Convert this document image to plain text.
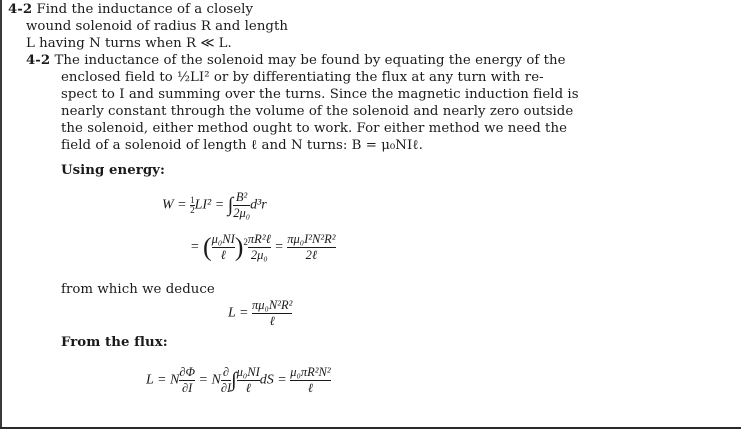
4-2 Find the inductance of a closely
wound solenoid of radius R and length
L having N turns when R ≪ L.
4-2 The inductance of the solenoid may be found by equating the energy of the
enclosed field to ½LI² or by differentiating the flux at any turn with re-
spect to I and summing over the turns. Since the magnetic induction field is
nearly constant through the volume of the solenoid and nearly zero outside
the solenoid, either method ought to work. For either method we need the
field of a solenoid of length ℓ and N turns: B = μ₀NIℓ.
Using energy:
$W = \frac{1}{2} LI^2$ = ∫ $\frac{\text{B²}}{\text{2μ₀}} d^3r$
= ( $\frac{\text{μ₀NI}}{\text{ℓ}} )^2 \frac{\text{πR²ℓ}}{\text{2μ₀}} = \frac{\text{πμ₀I²N²R²}}{\text{2ℓ}}$
from which we deduce
$L = \frac{\text{πμ₀N²R²}}{\text{ℓ}}$
From the flux:
L = N $\frac{\partial\Phi}{\partial I} = N \frac{\partial}{\partial I}$ ∫ $\frac{\text{μ₀NI}}{\text{ℓ}}$ dS = $\frac{\text{μ₀πR²N²}}{\text{ℓ}}$
